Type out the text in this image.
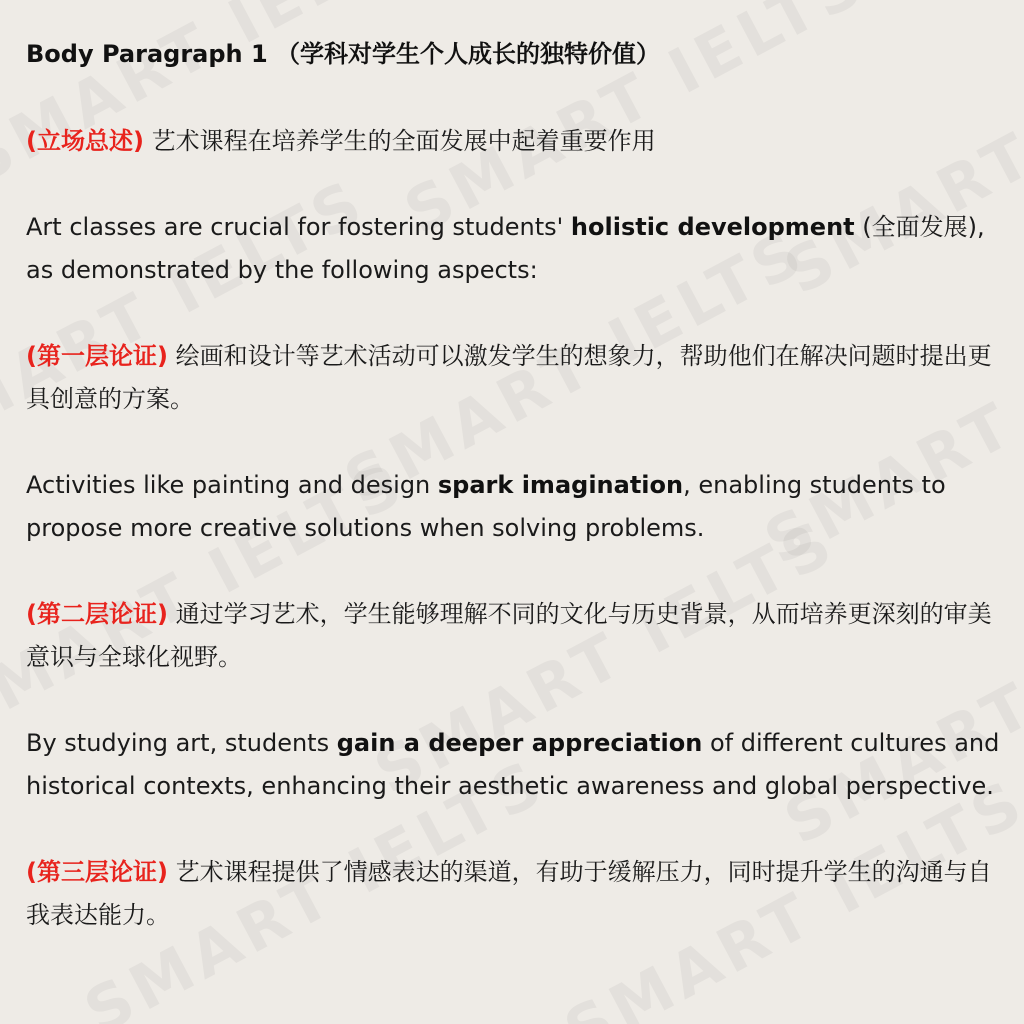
Body Paragraph 1 （学科对学生个人成长的独特价值）
(立场总述) 艺术课程在培养学生的全面发展中起着重要作用
Art classes are crucial for fostering students' holistic development (全面发展), as demonstrated by the following aspects:
(第一层论证) 绘画和设计等艺术活动可以激发学生的想象力，帮助他们在解决问题时提出更具创意的方案。
Activities like painting and design spark imagination, enabling students to propose more creative solutions when solving problems.
(第二层论证) 通过学习艺术，学生能够理解不同的文化与历史背景，从而培养更深刻的审美意识与全球化视野。
By studying art, students gain a deeper appreciation of different cultures and historical contexts, enhancing their aesthetic awareness and global perspective.
(第三层论证) 艺术课程提供了情感表达的渠道，有助于缓解压力，同时提升学生的沟通与自我表达能力。
